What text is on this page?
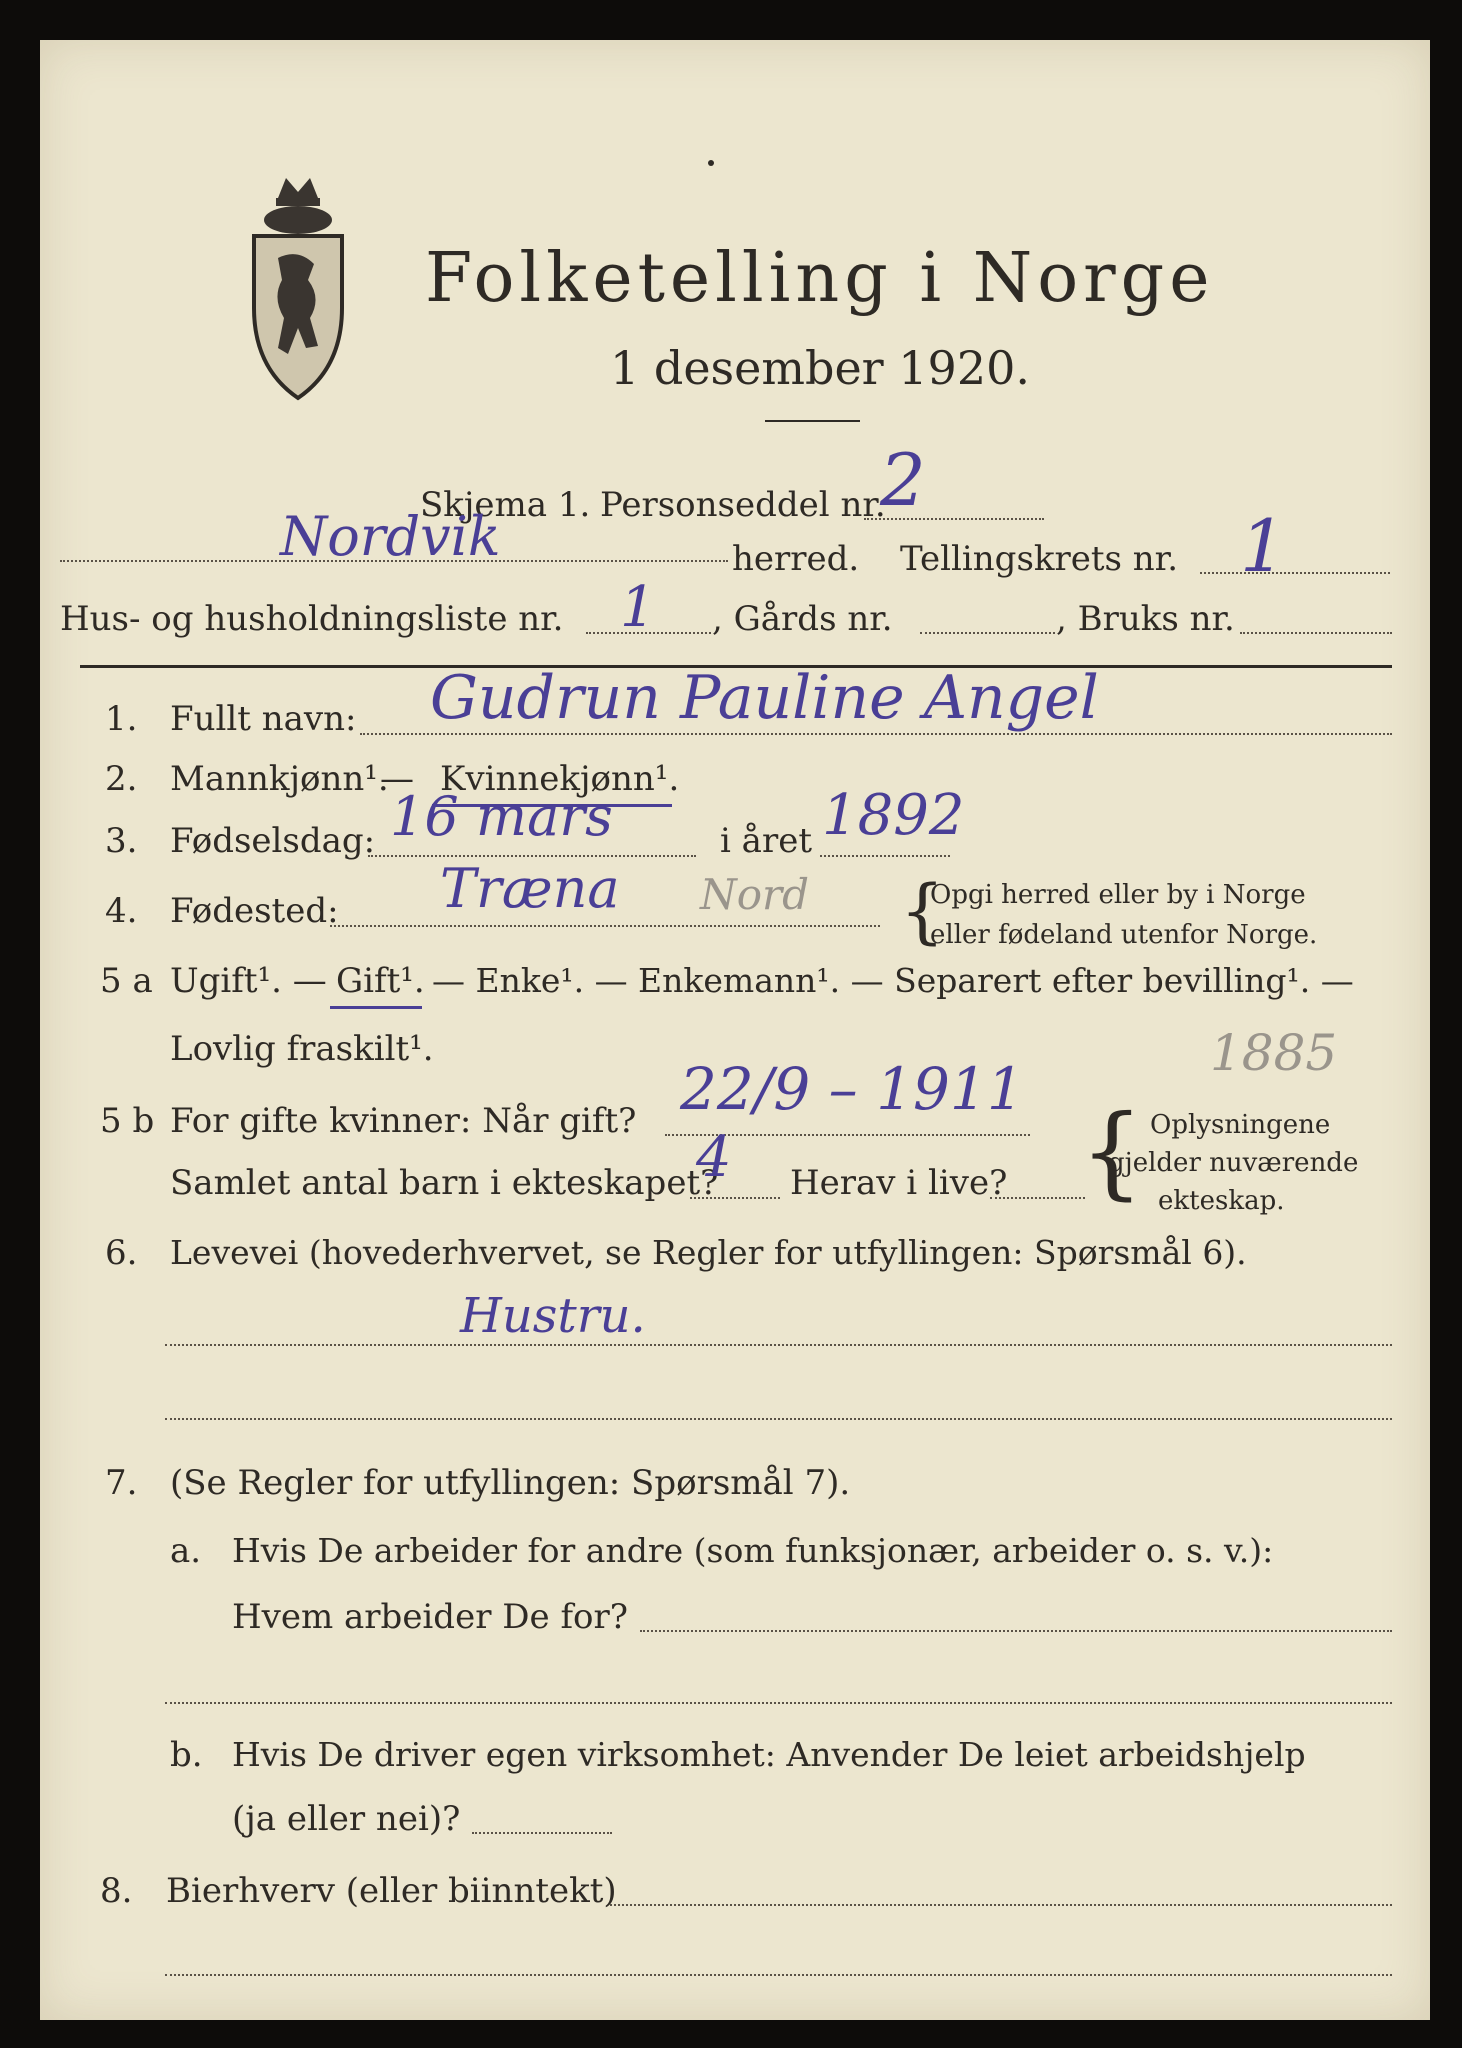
Folketelling i Norge
1 desember 1920.
Skjema 1. Personseddel nr.
2
Nordvik	herred. Tellingskrets nr. 1
Hus- og husholdningsliste nr. 1 , Gårds nr.	, Bruks nr.
1. Fullt navn: Gudrun Pauline Angel
2. Mannkjønn¹.
— Kvinnekjønn¹.
3. Fødselsdag: 16 mars	i året 1892
4. Fødested: Træna Nord {
Opgi herred eller by i Norge
eller fødeland utenfor Norge.
5 a Ugift¹. — Gift¹. — Enke¹. — Enkemann¹. — Separert efter bevilling¹. —
Lovlig fraskilt¹.	1885
5 b For gifte kvinner: Når gift? 22/9 – 1911
Samlet antal barn i ekteskapet?
4 Herav i live? { Oplysningene
gjelder nuværende
ekteskap.
6. Levevei (hovederhvervet, se Regler for utfyllingen: Spørsmål 6).
Hustru.
7. (Se Regler for utfyllingen: Spørsmål 7).
a. Hvis De arbeider for andre (som funksjonær, arbeider o. s. v.):
Hvem arbeider De for?
b. Hvis De driver egen virksomhet: Anvender De leiet arbeidshjelp
(ja eller nei)?
8. Bierhverv (eller biinntekt)
